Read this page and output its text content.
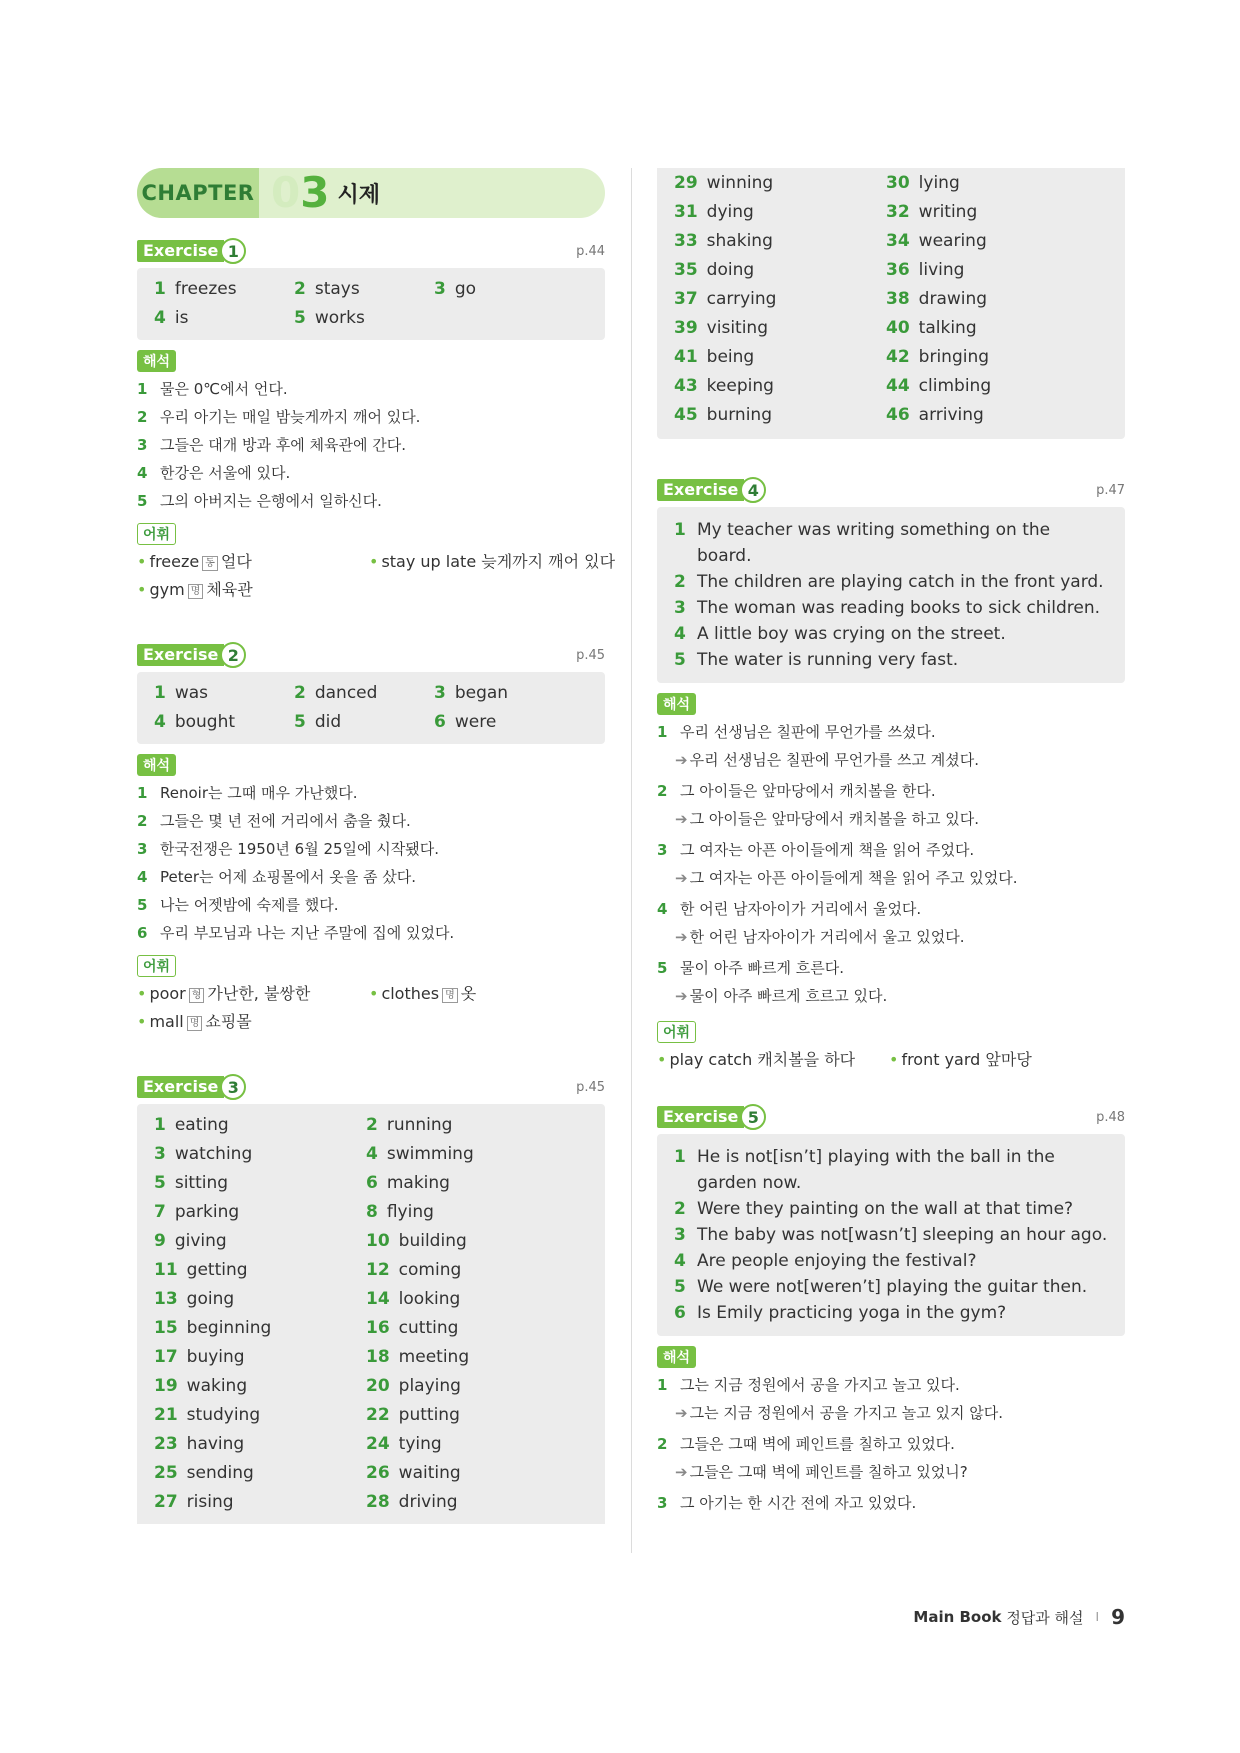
CHAPTER 03 시제
Exercise 1	p.44
1 freezes	2 stays	3 go
4 is	5 works
해석
1 물은 0℃에서 언다.
2 우리 아기는 매일 밤늦게까지 깨어 있다.
3 그들은 대개 방과 후에 체육관에 간다.
4 한강은 서울에 있다.
5 그의 아버지는 은행에서 일하신다.
어휘
• freeze 동 얼다	• stay up late 늦게까지 깨어 있다
• gym 명 체육관
Exercise 2	p.45
1 was	2 danced	3 began
4 bought	5 did	6 were
해석
1 Renoir는 그때 매우 가난했다.
2 그들은 몇 년 전에 거리에서 춤을 췄다.
3 한국전쟁은 1950년 6월 25일에 시작됐다.
4 Peter는 어제 쇼핑몰에서 옷을 좀 샀다.
5 나는 어젯밤에 숙제를 했다.
6 우리 부모님과 나는 지난 주말에 집에 있었다.
어휘
• poor 형 가난한, 불쌍한	• clothes 명 옷
• mall 명 쇼핑몰
Exercise 3	p.45
1 eating	2 running
3 watching	4 swimming
5 sitting	6 making
7 parking	8 flying
9 giving	10 building
11 getting	12 coming
13 going	14 looking
15 beginning	16 cutting
17 buying	18 meeting
19 waking	20 playing
21 studying	22 putting
23 having	24 tying
25 sending	26 waiting
27 rising	28 driving
29 winning	30 lying
31 dying	32 writing
33 shaking	34 wearing
35 doing	36 living
37 carrying	38 drawing
39 visiting	40 talking
41 being	42 bringing
43 keeping	44 climbing
45 burning	46 arriving
Exercise 4	p.47
1 My teacher was writing something on the board.
2 The children are playing catch in the front yard.
3 The woman was reading books to sick children.
4 A little boy was crying on the street.
5 The water is running very fast.
해석
1 우리 선생님은 칠판에 무언가를 쓰셨다.
➔ 우리 선생님은 칠판에 무언가를 쓰고 계셨다.
2 그 아이들은 앞마당에서 캐치볼을 한다.
➔ 그 아이들은 앞마당에서 캐치볼을 하고 있다.
3 그 여자는 아픈 아이들에게 책을 읽어 주었다.
➔ 그 여자는 아픈 아이들에게 책을 읽어 주고 있었다.
4 한 어린 남자아이가 거리에서 울었다.
➔ 한 어린 남자아이가 거리에서 울고 있었다.
5 물이 아주 빠르게 흐른다.
➔ 물이 아주 빠르게 흐르고 있다.
어휘
• play catch 캐치볼을 하다	• front yard 앞마당
Exercise 5	p.48
1 He is not[isn’t] playing with the ball in the garden now.
2 Were they painting on the wall at that time?
3 The baby was not[wasn’t] sleeping an hour ago.
4 Are people enjoying the festival?
5 We were not[weren’t] playing the guitar then.
6 Is Emily practicing yoga in the gym?
해석
1 그는 지금 정원에서 공을 가지고 놀고 있다.
➔ 그는 지금 정원에서 공을 가지고 놀고 있지 않다.
2 그들은 그때 벽에 페인트를 칠하고 있었다.
➔ 그들은 그때 벽에 페인트를 칠하고 있었니?
3 그 아기는 한 시간 전에 자고 있었다.
Main Book
정답과 해설 I 9
